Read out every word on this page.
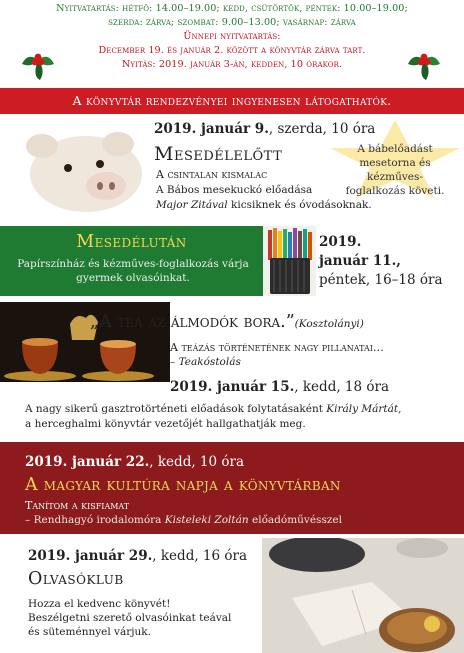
Nyitvatartás: hétfő: 14.00–19.00; kedd, csütörtök, péntek: 10.00–19.00;
szerda: zárva; szombat: 9.00–13.00; vasárnap: zárva
Ünnepi nyitvatartás:
December 19. és január 2. között a könyvtár zárva tart.
Nyitás: 2019. január 3-án, kedden, 10 órakor.
A könyvtár rendezvényei ingyenesen látogathatók.
2019. január 9., szerda, 10 óra
Mesedélelőtt
A csintalan kismalac
A Bábos mesekuckó előadása
Major Zitával kicsiknek és óvodásoknak.
A bábelőadást mesetorna és kézműves-foglalkozás követi.
Mesedélután
Papírszínház és kézműves-foglalkozás várja gyermek olvasóinkat.
2019.
január 11.,
péntek, 16–18 óra
„A tea az álmodók bora.”(Kosztolányi)
A teázás történetének nagy pillanatai…
– Teakóstolás
2019. január 15., kedd, 18 óra
A nagy sikerű gasztrotörténeti előadások folytatásaként Király Mártát,
a herceghalmi könyvtár vezetőjét hallgathatják meg.
2019. január 22., kedd, 10 óra
A magyar kultúra napja a könyvtárban
Tanítom a kisfiamat
– Rendhagyó irodalomóra Kisteleki Zoltán előadóművésszel
2019. január 29., kedd, 16 óra
Olvasóklub
Hozza el kedvenc könyvét!
Beszélgetni szerető olvasóinkat teával
és süteménnyel várjuk.
